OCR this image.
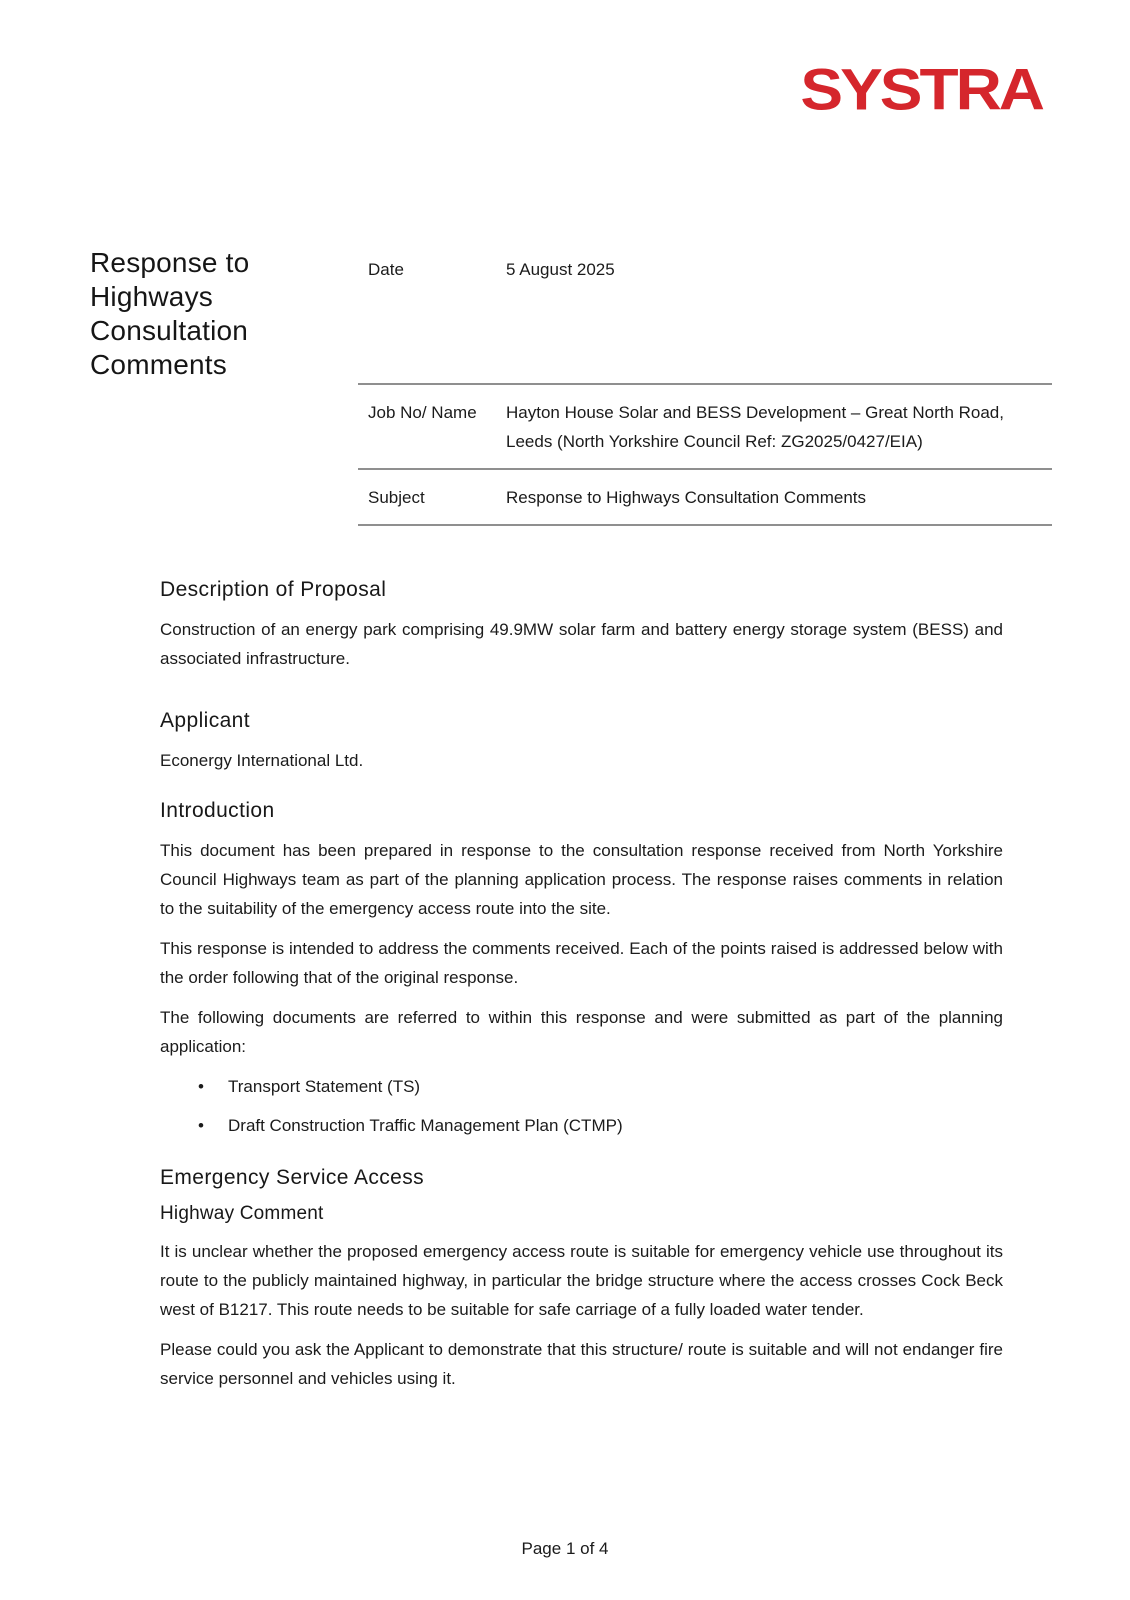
SYSTRA
Response to Highways Consultation Comments
Date	5 August 2025
Job No/ Name	Hayton House Solar and BESS Development – Great North Road, Leeds (North Yorkshire Council Ref: ZG2025/0427/EIA)
Subject	Response to Highways Consultation Comments
Description of Proposal

Construction of an energy park comprising 49.9MW solar farm and battery energy storage system (BESS) and associated infrastructure.

Applicant

Econergy International Ltd.

Introduction

This document has been prepared in response to the consultation response received from North Yorkshire Council Highways team as part of the planning application process. The response raises comments in relation to the suitability of the emergency access route into the site.

This response is intended to address the comments received. Each of the points raised is addressed below with the order following that of the original response.

The following documents are referred to within this response and were submitted as part of the planning application:

• Transport Statement (TS)
• Draft Construction Traffic Management Plan (CTMP)
Emergency Service Access
Highway Comment

It is unclear whether the proposed emergency access route is suitable for emergency vehicle use throughout its route to the publicly maintained highway, in particular the bridge structure where the access crosses Cock Beck west of B1217. This route needs to be suitable for safe carriage of a fully loaded water tender.

Please could you ask the Applicant to demonstrate that this structure/ route is suitable and will not endanger fire service personnel and vehicles using it.

Page 1 of 4
